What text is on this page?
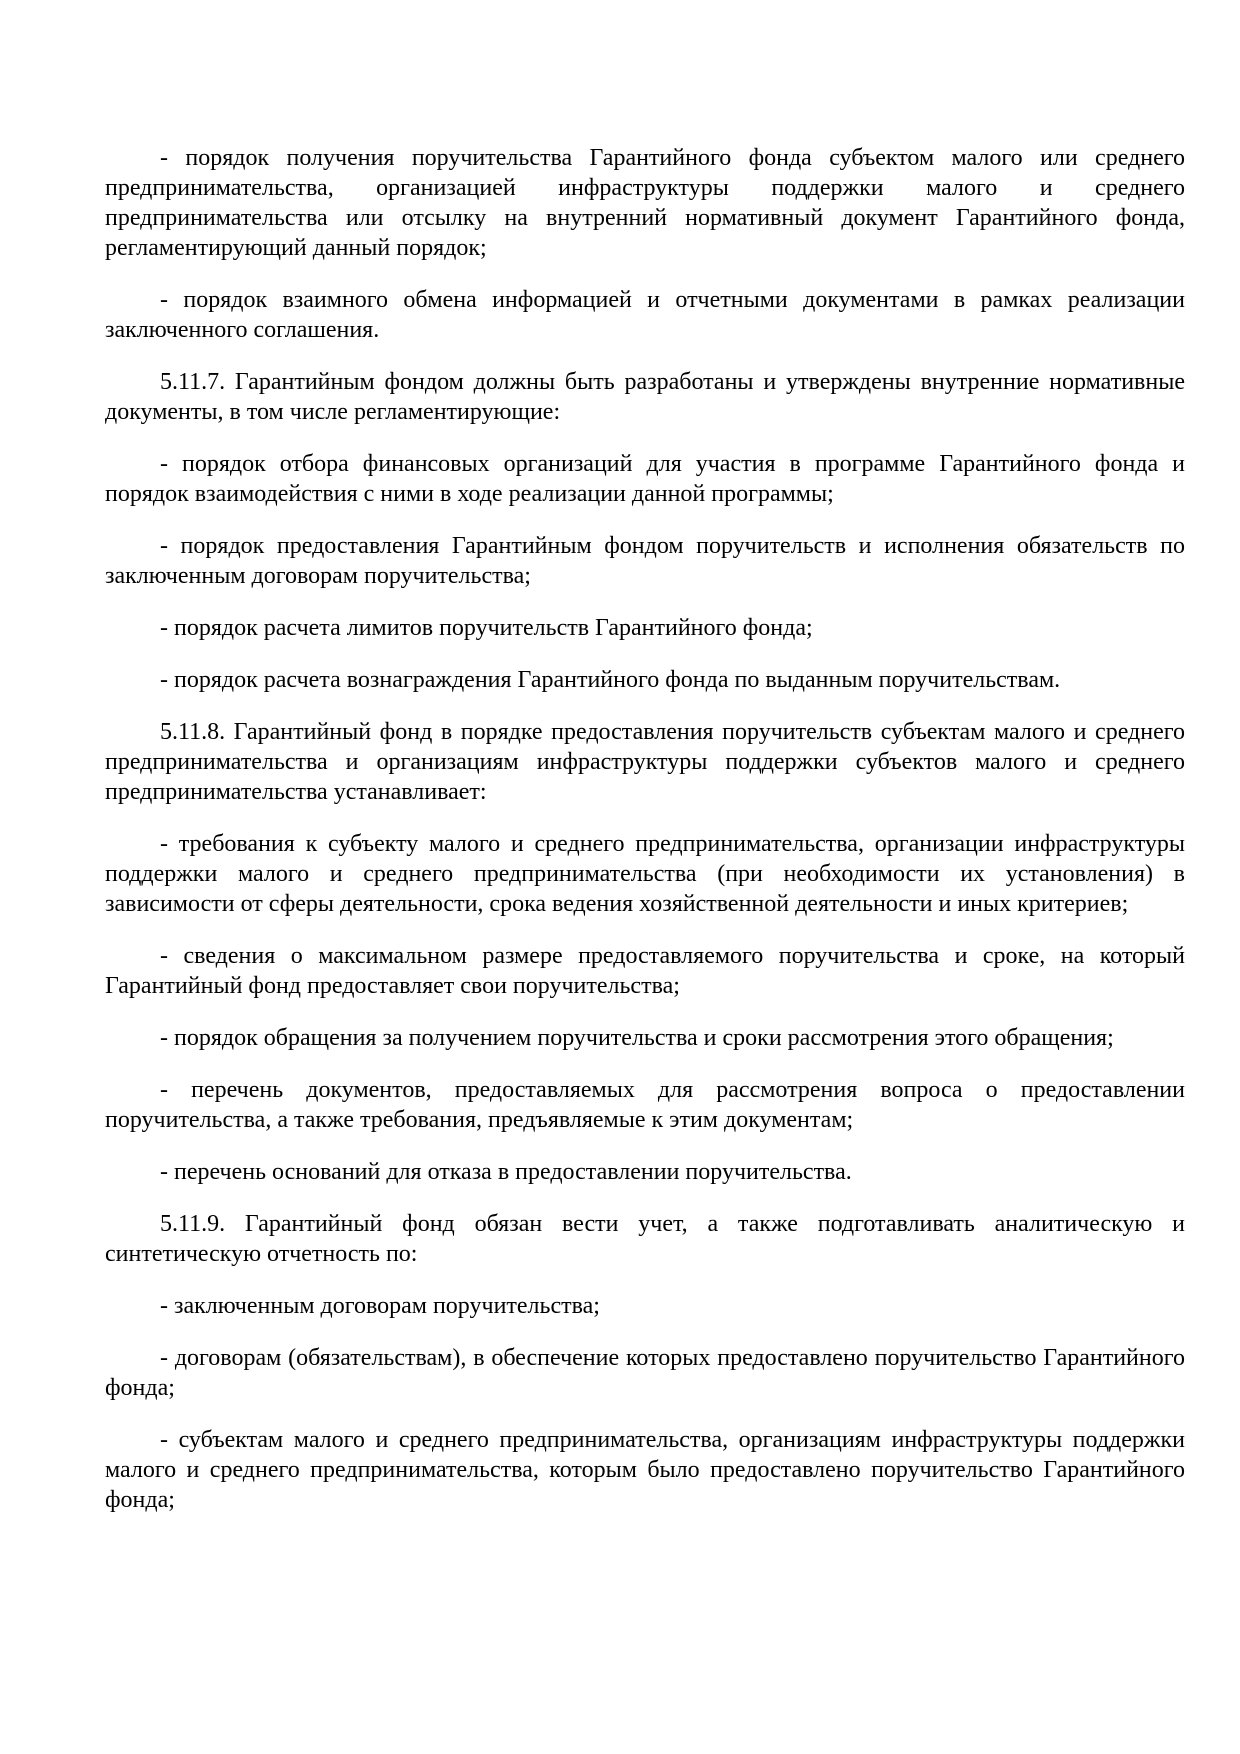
- порядок получения поручительства Гарантийного фонда субъектом малого или среднего предпринимательства, организацией инфраструктуры поддержки малого и среднего предпринимательства или отсылку на внутренний нормативный документ Гарантийного фонда, регламентирующий данный порядок;

- порядок взаимного обмена информацией и отчетными документами в рамках реализации заключенного соглашения.

5.11.7. Гарантийным фондом должны быть разработаны и утверждены внутренние нормативные документы, в том числе регламентирующие:

- порядок отбора финансовых организаций для участия в программе Гарантийного фонда и порядок взаимодействия с ними в ходе реализации данной программы;

- порядок предоставления Гарантийным фондом поручительств и исполнения обязательств по заключенным договорам поручительства;

- порядок расчета лимитов поручительств Гарантийного фонда;

- порядок расчета вознаграждения Гарантийного фонда по выданным поручительствам.

5.11.8. Гарантийный фонд в порядке предоставления поручительств субъектам малого и среднего предпринимательства и организациям инфраструктуры поддержки субъектов малого и среднего предпринимательства устанавливает:

- требования к субъекту малого и среднего предпринимательства, организации инфраструктуры поддержки малого и среднего предпринимательства (при необходимости их установления) в зависимости от сферы деятельности, срока ведения хозяйственной деятельности и иных критериев;

- сведения о максимальном размере предоставляемого поручительства и сроке, на который Гарантийный фонд предоставляет свои поручительства;

- порядок обращения за получением поручительства и сроки рассмотрения этого обращения;

- перечень документов, предоставляемых для рассмотрения вопроса о предоставлении поручительства, а также требования, предъявляемые к этим документам;

- перечень оснований для отказа в предоставлении поручительства.

5.11.9. Гарантийный фонд обязан вести учет, а также подготавливать аналитическую и синтетическую отчетность по:

- заключенным договорам поручительства;

- договорам (обязательствам), в обеспечение которых предоставлено поручительство Гарантийного фонда;

- субъектам малого и среднего предпринимательства, организациям инфраструктуры поддержки малого и среднего предпринимательства, которым было предоставлено поручительство Гарантийного фонда;
